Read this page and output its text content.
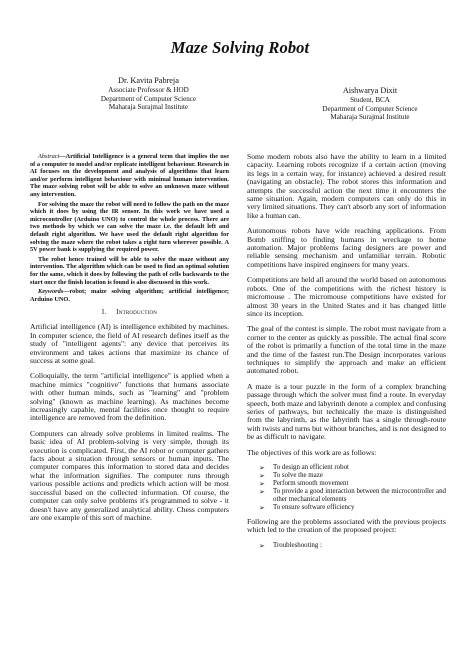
Maze Solving Robot
Dr. Kavita Pabreja
Associate Professor & HOD
Department of Computer Science
Maharaja Surajmal Institute
Aishwarya Dixit
Student, BCA
Department of Computer Science
Maharaja Surajmal Institute

Abstract—Artificial Intelligence is a general term that implies the use of a computer to model and/or replicate intelligent behaviour. Research in AI focuses on the development and analysis of algorithms that learn and/or perform intelligent behaviour with minimal human intervention. The maze solving robot will be able to solve an unknown maze without any intervention.

For solving the maze the robot will need to follow the path on the maze which it does by using the IR sensor. In this work we have used a microcontroller (Arduino UNO) to control the whole process. There are two methods by which we can solve the maze i.e. the default left and default right algorithm. We have used the default right algorithm for solving the maze where the robot takes a right turn wherever possible. A 5V power bank is supplying the required power.

The robot hence trained will be able to solve the maze without any intervention. The algorithm which can be used to find an optimal solution for the same, which it does by following the path of cells backwards to the start once the finish location is found is also discussed in this work.

Keywords—robot; maize solving algorithm; artificial intelligence; Arduino UNO.

I. Introduction

Artificial intelligence (AI) is intelligence exhibited by machines. In computer science, the field of AI research defines itself as the study of "intelligent agents": any device that perceives its environment and takes actions that maximize its chance of success at some goal.

Colloquially, the term "artificial intelligence" is applied when a machine mimics "cognitive" functions that humans associate with other human minds, such as "learning" and "problem solving" (known as machine learning). As machines become increasingly capable, mental facilities once thought to require intelligence are removed from the definition.

Computers can already solve problems in limited realms. The basic idea of AI problem-solving is very simple, though its execution is complicated. First, the AI robot or computer gathers facts about a situation through sensors or human inputs. The computer compares this information to stored data and decides what the information signifies. The computer runs through various possible actions and predicts which action will be most successful based on the collected information. Of course, the computer can only solve problems it's programmed to solve - it doesn't have any generalized analytical ability. Chess computers are one example of this sort of machine.

Some modern robots also have the ability to learn in a limited capacity. Learning robots recognize if a certain action (moving its legs in a certain way, for instance) achieved a desired result (navigating an obstacle). The robot stores this information and attempts the successful action the next time it encounters the same situation. Again, modern computers can only do this in very limited situations. They can't absorb any sort of information like a human can.

Autonomous robots have wide reaching applications. From Bomb sniffing to finding humans in wreckage to home automation. Major problems facing designers are power and reliable sensing mechanism and unfamiliar terrain. Robotic competitions have inspired engineers for many years.

Competitions are held all around the world based on autonomous robots. One of the competitions with the richest history is micromouse . The micromouse competitions have existed for almost 30 years in the United States and it has changed little since its inception.

The goal of the contest is simple. The robot must navigate from a corner to the center as quickly as possible. The actual final score of the robot is primarily a function of the total time in the maze and the time of the fastest run.The Design incorporates various techniques to simplify the approach and make an efficient automated robot.

A maze is a tour puzzle in the form of a complex branching passage through which the solver must find a route. In everyday speech, both maze and labyrinth denote a complex and confusing series of pathways, but technically the maze is distinguished from the labyrinth, as the labyrinth has a single through-route with twists and turns but without branches, and is not designed to be as difficult to navigate.

The objectives of this work are as follows:

➢ To design an efficient robot
➢ To solve the maze
➢ Perform smooth movement
➢ To provide a good interaction between the microcontroller and other mechanical elements
➢ To ensure software efficiency

Following are the problems associated with the previous projects which led to the creation of the proposed project:

➢ Troubleshooting :
